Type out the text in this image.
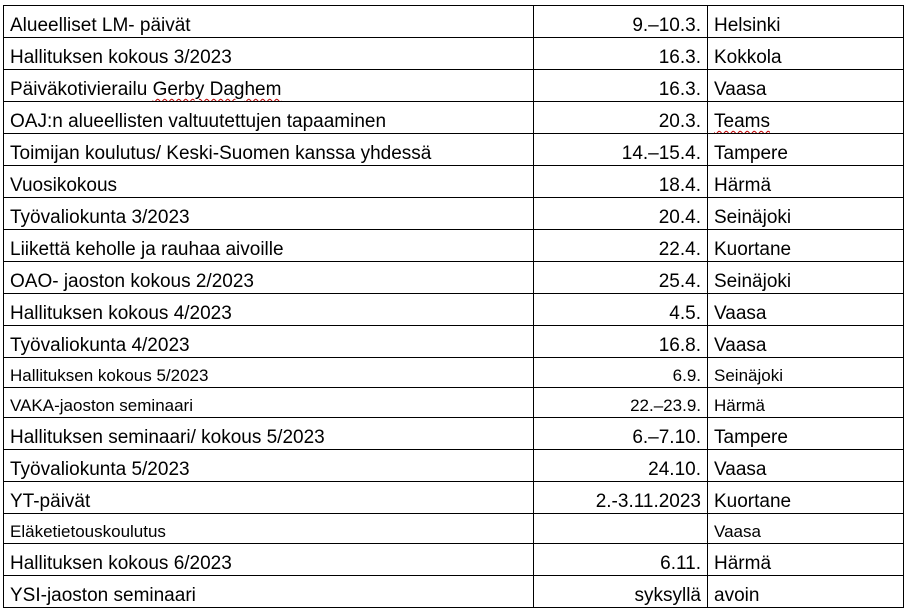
Alueelliset LM- päivät	9.–10.3.	Helsinki
Hallituksen kokous 3/2023	16.3.	Kokkola
Päiväkotivierailu Gerby Daghem	16.3.	Vaasa
OAJ:n alueellisten valtuutettujen tapaaminen	20.3.	Teams
Toimijan koulutus/ Keski-Suomen kanssa yhdessä	14.–15.4.	Tampere
Vuosikokous	18.4.	Härmä
Työvaliokunta 3/2023	20.4.	Seinäjoki
Liikettä keholle ja rauhaa aivoille	22.4.	Kuortane
OAO- jaoston kokous 2/2023	25.4.	Seinäjoki
Hallituksen kokous 4/2023	4.5.	Vaasa
Työvaliokunta 4/2023	16.8.	Vaasa
Hallituksen kokous 5/2023	6.9.	Seinäjoki
VAKA-jaoston seminaari	22.–23.9.	Härmä
Hallituksen seminaari/ kokous 5/2023	6.–7.10.	Tampere
Työvaliokunta 5/2023	24.10.	Vaasa
YT-päivät	2.-3.11.2023	Kuortane
Eläketietouskoulutus		Vaasa
Hallituksen kokous 6/2023	6.11.	Härmä
YSI-jaoston seminaari	syksyllä	avoin
